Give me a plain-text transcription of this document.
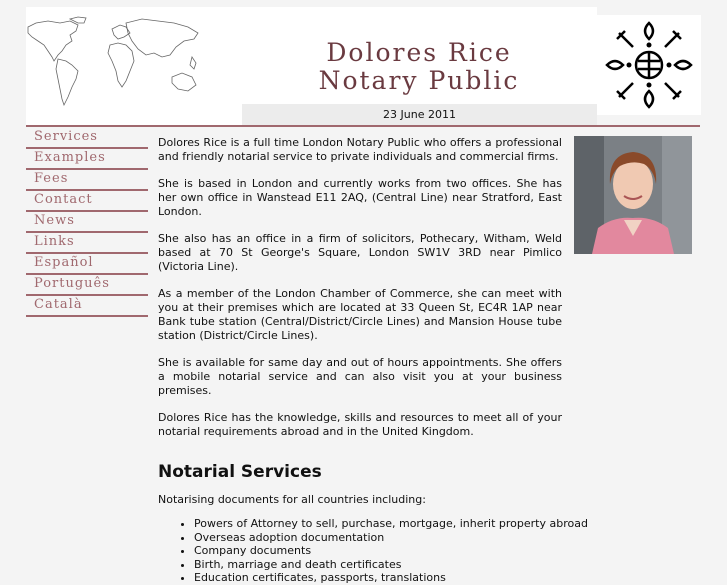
Dolores Rice
Notary Public
23 June 2011
Services
Examples
Fees
Contact
News
Links
Español
Português
Català

Dolores Rice is a full time London Notary Public who offers a professional and friendly notarial service to private individuals and commercial firms.

She is based in London and currently works from two offices. She has her own office in Wanstead E11 2AQ, (Central Line) near Stratford, East London.

She also has an office in a firm of solicitors, Pothecary, Witham, Weld based at 70 St George's Square, London SW1V 3RD near Pimlico (Victoria Line).

As a member of the London Chamber of Commerce, she can meet with you at their premises which are located at 33 Queen St, EC4R 1AP near Bank tube station (Central/District/Circle Lines) and Mansion House tube station (District/Circle Lines).

She is available for same day and out of hours appointments. She offers a mobile notarial service and can also visit you at your business premises.

Dolores Rice has the knowledge, skills and resources to meet all of your notarial requirements abroad and in the United Kingdom.

Notarial Services

Notarising documents for all countries including:

• Powers of Attorney to sell, purchase, mortgage, inherit property abroad
• Overseas adoption documentation
• Company documents
• Birth, marriage and death certificates
• Education certificates, passports, translations
